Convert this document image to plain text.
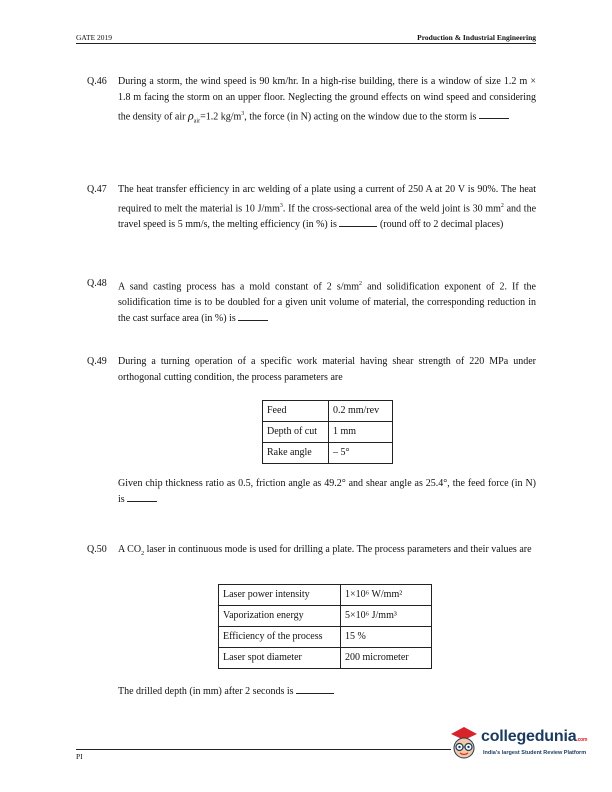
GATE 2019	Production & Industrial Engineering
Q.46 During a storm, the wind speed is 90 km/hr. In a high-rise building, there is a window of size 1.2 m × 1.8 m facing the storm on an upper floor. Neglecting the ground effects on wind speed and considering the density of air $\rho_{air}=1.2$ $kg/m^3$, the force (in N) acting on the window due to the storm is
Q.47 The heat transfer efficiency in arc welding of a plate using a current of 250 A at 20 V is 90%. The heat required to melt the material is 10 $J/mm^3$. If the cross-sectional area of the weld joint is 30 $mm^2$ and the travel speed is 5 mm/s, the melting efficiency (in %) is	(round off to 2 decimal places)
Q.48 A sand casting process has a mold constant of 2 $s/mm^2$ and solidification exponent of 2. If the solidification time is to be doubled for a given unit volume of material, the corresponding reduction in the cast surface area (in %) is
Q.49 During a turning operation of a specific work material having shear strength of 220 MPa under orthogonal cutting condition, the process parameters are
Feed	0.2 mm/rev
Depth of cut	1 mm
Rake angle	– 5°
Given chip thickness ratio as 0.5, friction angle as 49.2° and shear angle as 25.4°, the feed force (in N) is
Q.50 A $CO_2$ laser in continuous mode is used for drilling a plate. The process parameters and their values are
Laser power intensity	1×10⁶ W/mm²
Vaporization energy	5×10⁶ J/mm³
Efficiency of the process	15 %
Laser spot diameter	200 micrometer
The drilled depth (in mm) after 2 seconds is
PI
collegedunia.com
India's largest Student Review Platform
